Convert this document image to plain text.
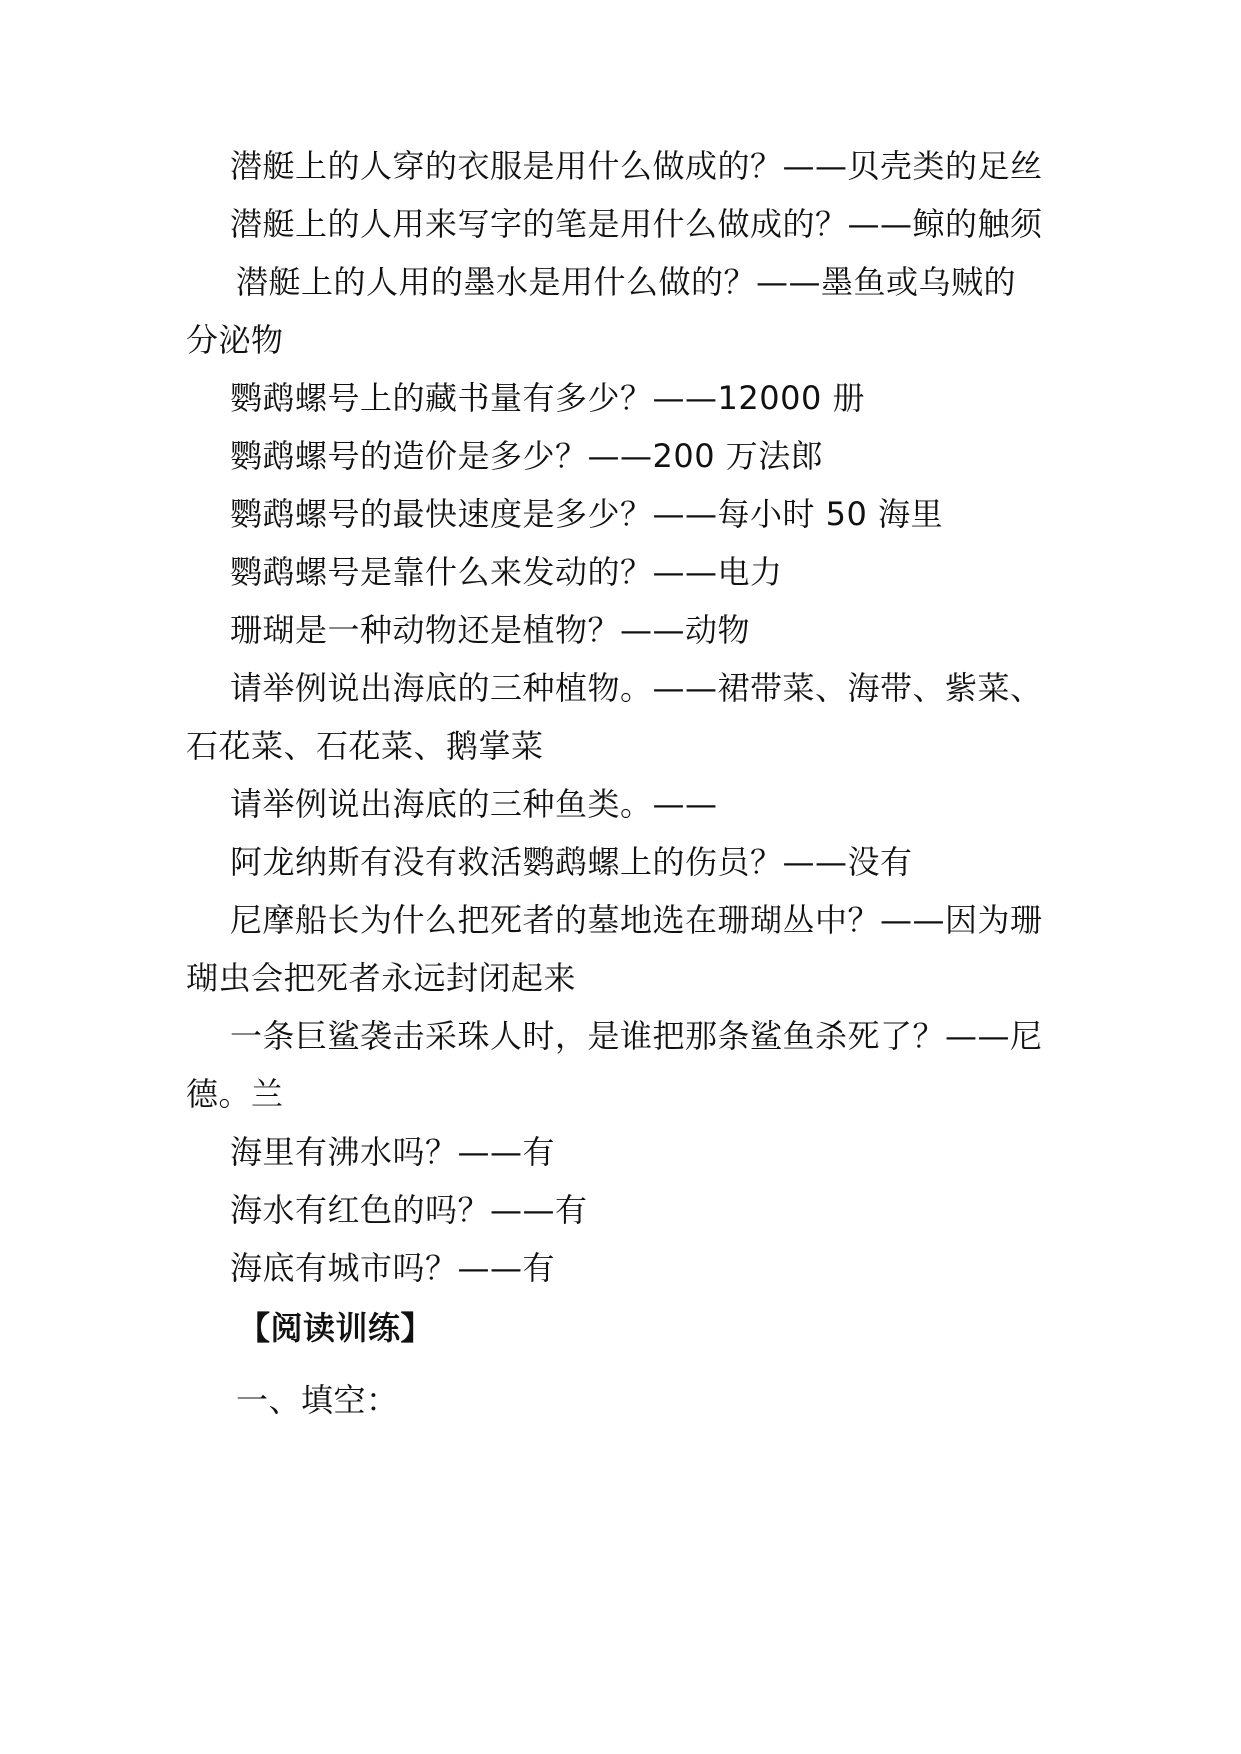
潜艇上的人穿的衣服是用什么做成的？——贝壳类的足丝
潜艇上的人用来写字的笔是用什么做成的？——鲸的触须
潜艇上的人用的墨水是用什么做的？——墨鱼或乌贼的
分泌物
鹦鹉螺号上的藏书量有多少？——12000 册
鹦鹉螺号的造价是多少？——200 万法郎
鹦鹉螺号的最快速度是多少？——每小时 50 海里
鹦鹉螺号是靠什么来发动的？——电力
珊瑚是一种动物还是植物？——动物
请举例说出海底的三种植物。——裙带菜、海带、紫菜、
石花菜、石花菜、鹅掌菜
请举例说出海底的三种鱼类。——
阿龙纳斯有没有救活鹦鹉螺上的伤员？——没有
尼摩船长为什么把死者的墓地选在珊瑚丛中？——因为珊
瑚虫会把死者永远封闭起来
一条巨鲨袭击采珠人时，是谁把那条鲨鱼杀死了？——尼
德。兰
海里有沸水吗？——有
海水有红色的吗？——有
海底有城市吗？——有
【阅读训练】
一、填空：
